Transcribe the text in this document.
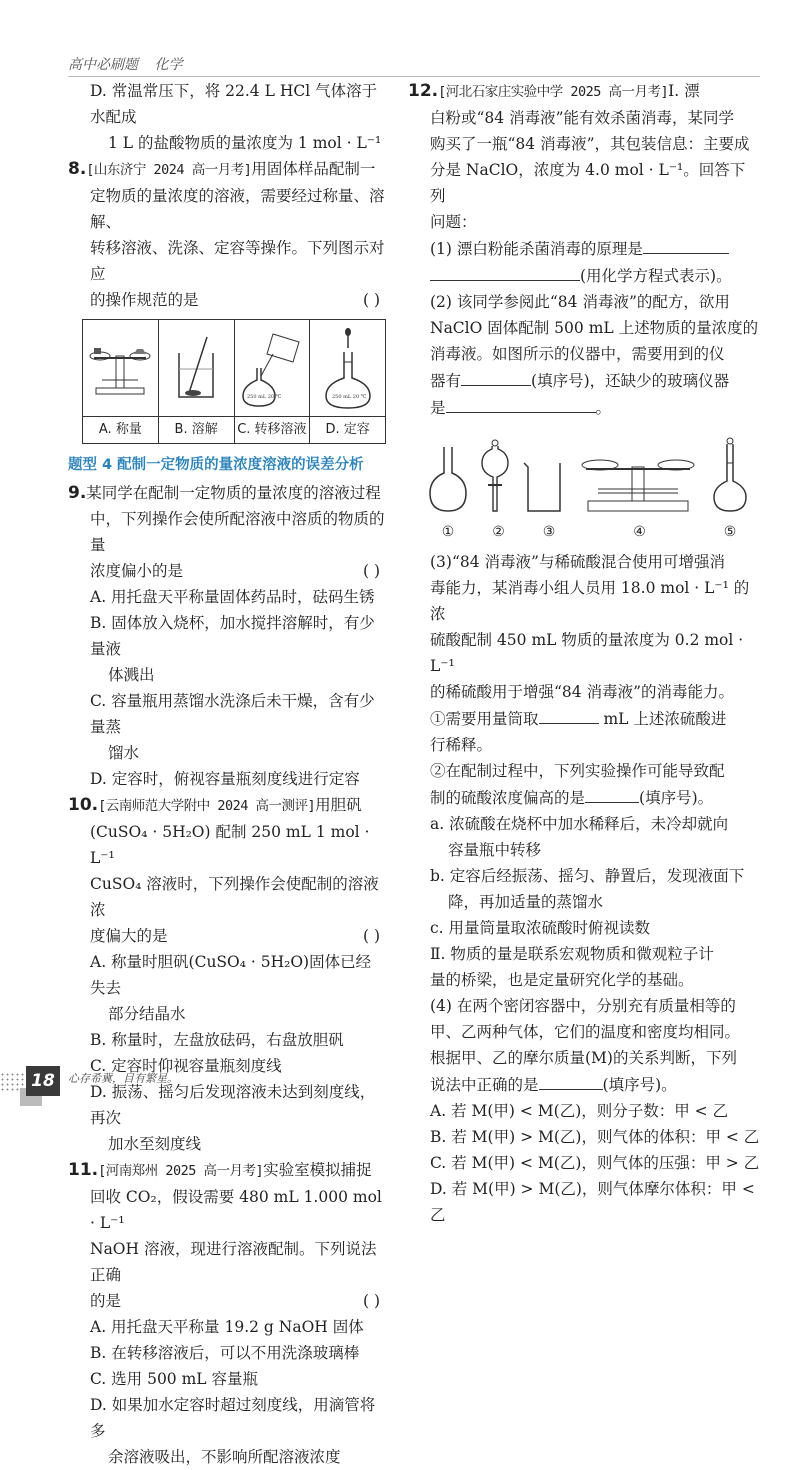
高中必刷题 化学

D. 常温常压下，将 22.4 L HCl 气体溶于水配成

1 L 的盐酸物质的量浓度为 1 mol · L⁻¹

8.[山东济宁 2024 高一月考]用固体样品配制一

定物质的量浓度的溶液，需要经过称量、溶解、

转移溶液、洗涤、定容等操作。下列图示对应

的操作规范的是	( )

250 mL 20 ℃	250 mL 20 ℃
A. 称量	B. 溶解	C. 转移溶液	D. 定容
题型 4 配制一定物质的量浓度溶液的误差分析

9.某同学在配制一定物质的量浓度的溶液过程

中，下列操作会使所配溶液中溶质的物质的量

浓度偏小的是	( )

A. 用托盘天平称量固体药品时，砝码生锈

B. 固体放入烧杯，加水搅拌溶解时，有少量液

体溅出

C. 容量瓶用蒸馏水洗涤后未干燥，含有少量蒸

馏水

D. 定容时，俯视容量瓶刻度线进行定容

10.[云南师范大学附中 2024 高一测评]用胆矾

(CuSO₄ · 5H₂O) 配制 250 mL 1 mol · L⁻¹

CuSO₄ 溶液时，下列操作会使配制的溶液浓

度偏大的是	( )

A. 称量时胆矾(CuSO₄ · 5H₂O)固体已经失去

部分结晶水

B. 称量时，左盘放砝码，右盘放胆矾

C. 定容时仰视容量瓶刻度线

D. 振荡、摇匀后发现溶液未达到刻度线，再次

加水至刻度线

11.[河南郑州 2025 高一月考]实验室模拟捕捉

回收 CO₂，假设需要 480 mL 1.000 mol · L⁻¹

NaOH 溶液，现进行溶液配制。下列说法正确

的是	( )

A. 用托盘天平称量 19.2 g NaOH 固体

B. 在转移溶液后，可以不用洗涤玻璃棒

C. 选用 500 mL 容量瓶

D. 如果加水定容时超过刻度线，用滴管将多

余溶液吸出，不影响所配溶液浓度

12.[河北石家庄实验中学 2025 高一月考]Ⅰ. 漂

白粉或“84 消毒液”能有效杀菌消毒，某同学

购买了一瓶“84 消毒液”，其包装信息：主要成

分是 NaClO，浓度为 4.0 mol · L⁻¹。回答下列

问题：

(1) 漂白粉能杀菌消毒的原理是

(用化学方程式表示)。

(2) 该同学参阅此“84 消毒液”的配方，欲用

NaClO 固体配制 500 mL 上述物质的量浓度的

消毒液。如图所示的仪器中，需要用到的仪

器有	(填序号)，还缺少的玻璃仪器

是	。

①	②	③	④	⑤

(3)“84 消毒液”与稀硫酸混合使用可增强消

毒能力，某消毒小组人员用 18.0 mol · L⁻¹ 的浓

硫酸配制 450 mL 物质的量浓度为 0.2 mol · L⁻¹

的稀硫酸用于增强“84 消毒液”的消毒能力。

①需要用量筒取	mL 上述浓硫酸进

行稀释。

②在配制过程中，下列实验操作可能导致配

制的硫酸浓度偏高的是	(填序号)。

a. 浓硫酸在烧杯中加水稀释后，未冷却就向

容量瓶中转移

b. 定容后经振荡、摇匀、静置后，发现液面下

降，再加适量的蒸馏水

c. 用量筒量取浓硫酸时俯视读数

Ⅱ. 物质的量是联系宏观物质和微观粒子计

量的桥梁，也是定量研究化学的基础。

(4) 在两个密闭容器中，分别充有质量相等的

甲、乙两种气体，它们的温度和密度均相同。

根据甲、乙的摩尔质量(M)的关系判断，下列

说法中正确的是	(填序号)。

A. 若 M(甲) < M(乙)，则分子数：甲 < 乙

B. 若 M(甲) > M(乙)，则气体的体积：甲 < 乙

C. 若 M(甲) < M(乙)，则气体的压强：甲 > 乙

D. 若 M(甲) > M(乙)，则气体摩尔体积：甲 < 乙

18	心存希冀，目有繁星。
